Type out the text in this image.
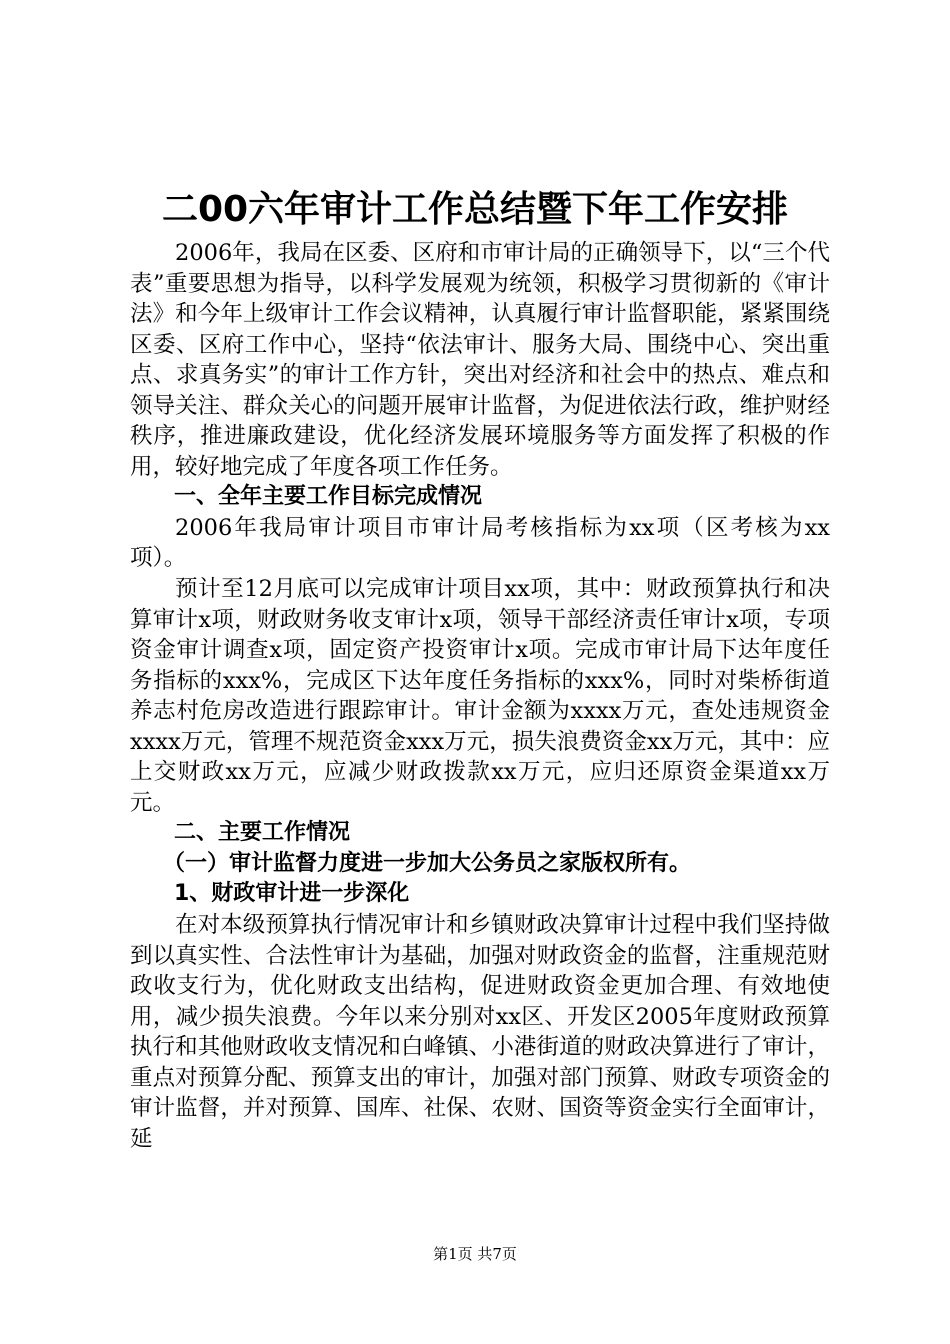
二00六年审计工作总结暨下年工作安排

2006年，我局在区委、区府和市审计局的正确领导下，以“三个代表”重要思想为指导，以科学发展观为统领，积极学习贯彻新的《审计法》和今年上级审计工作会议精神，认真履行审计监督职能，紧紧围绕区委、区府工作中心，坚持“依法审计、服务大局、围绕中心、突出重点、求真务实”的审计工作方针，突出对经济和社会中的热点、难点和领导关注、群众关心的问题开展审计监督，为促进依法行政，维护财经秩序，推进廉政建设，优化经济发展环境服务等方面发挥了积极的作用，较好地完成了年度各项工作任务。

一、全年主要工作目标完成情况

2006年我局审计项目市审计局考核指标为xx项（区考核为xx项）。

预计至12月底可以完成审计项目xx项，其中：财政预算执行和决算审计x项，财政财务收支审计x项，领导干部经济责任审计x项，专项资金审计调查x项，固定资产投资审计x项。完成市审计局下达年度任务指标的xxx%，完成区下达年度任务指标的xxx%，同时对柴桥街道养志村危房改造进行跟踪审计。审计金额为xxxx万元，查处违规资金xxxx万元，管理不规范资金xxx万元，损失浪费资金xx万元，其中：应上交财政xx万元，应减少财政拨款xx万元，应归还原资金渠道xx万元。

二、主要工作情况

（一）审计监督力度进一步加大公务员之家版权所有。

1、财政审计进一步深化

在对本级预算执行情况审计和乡镇财政决算审计过程中我们坚持做到以真实性、合法性审计为基础，加强对财政资金的监督，注重规范财政收支行为，优化财政支出结构，促进财政资金更加合理、有效地使用，减少损失浪费。今年以来分别对xx区、开发区2005年度财政预算执行和其他财政收支情况和白峰镇、小港街道的财政决算进行了审计，重点对预算分配、预算支出的审计，加强对部门预算、财政专项资金的审计监督，并对预算、国库、社保、农财、国资等资金实行全面审计，延

第1页 共7页
